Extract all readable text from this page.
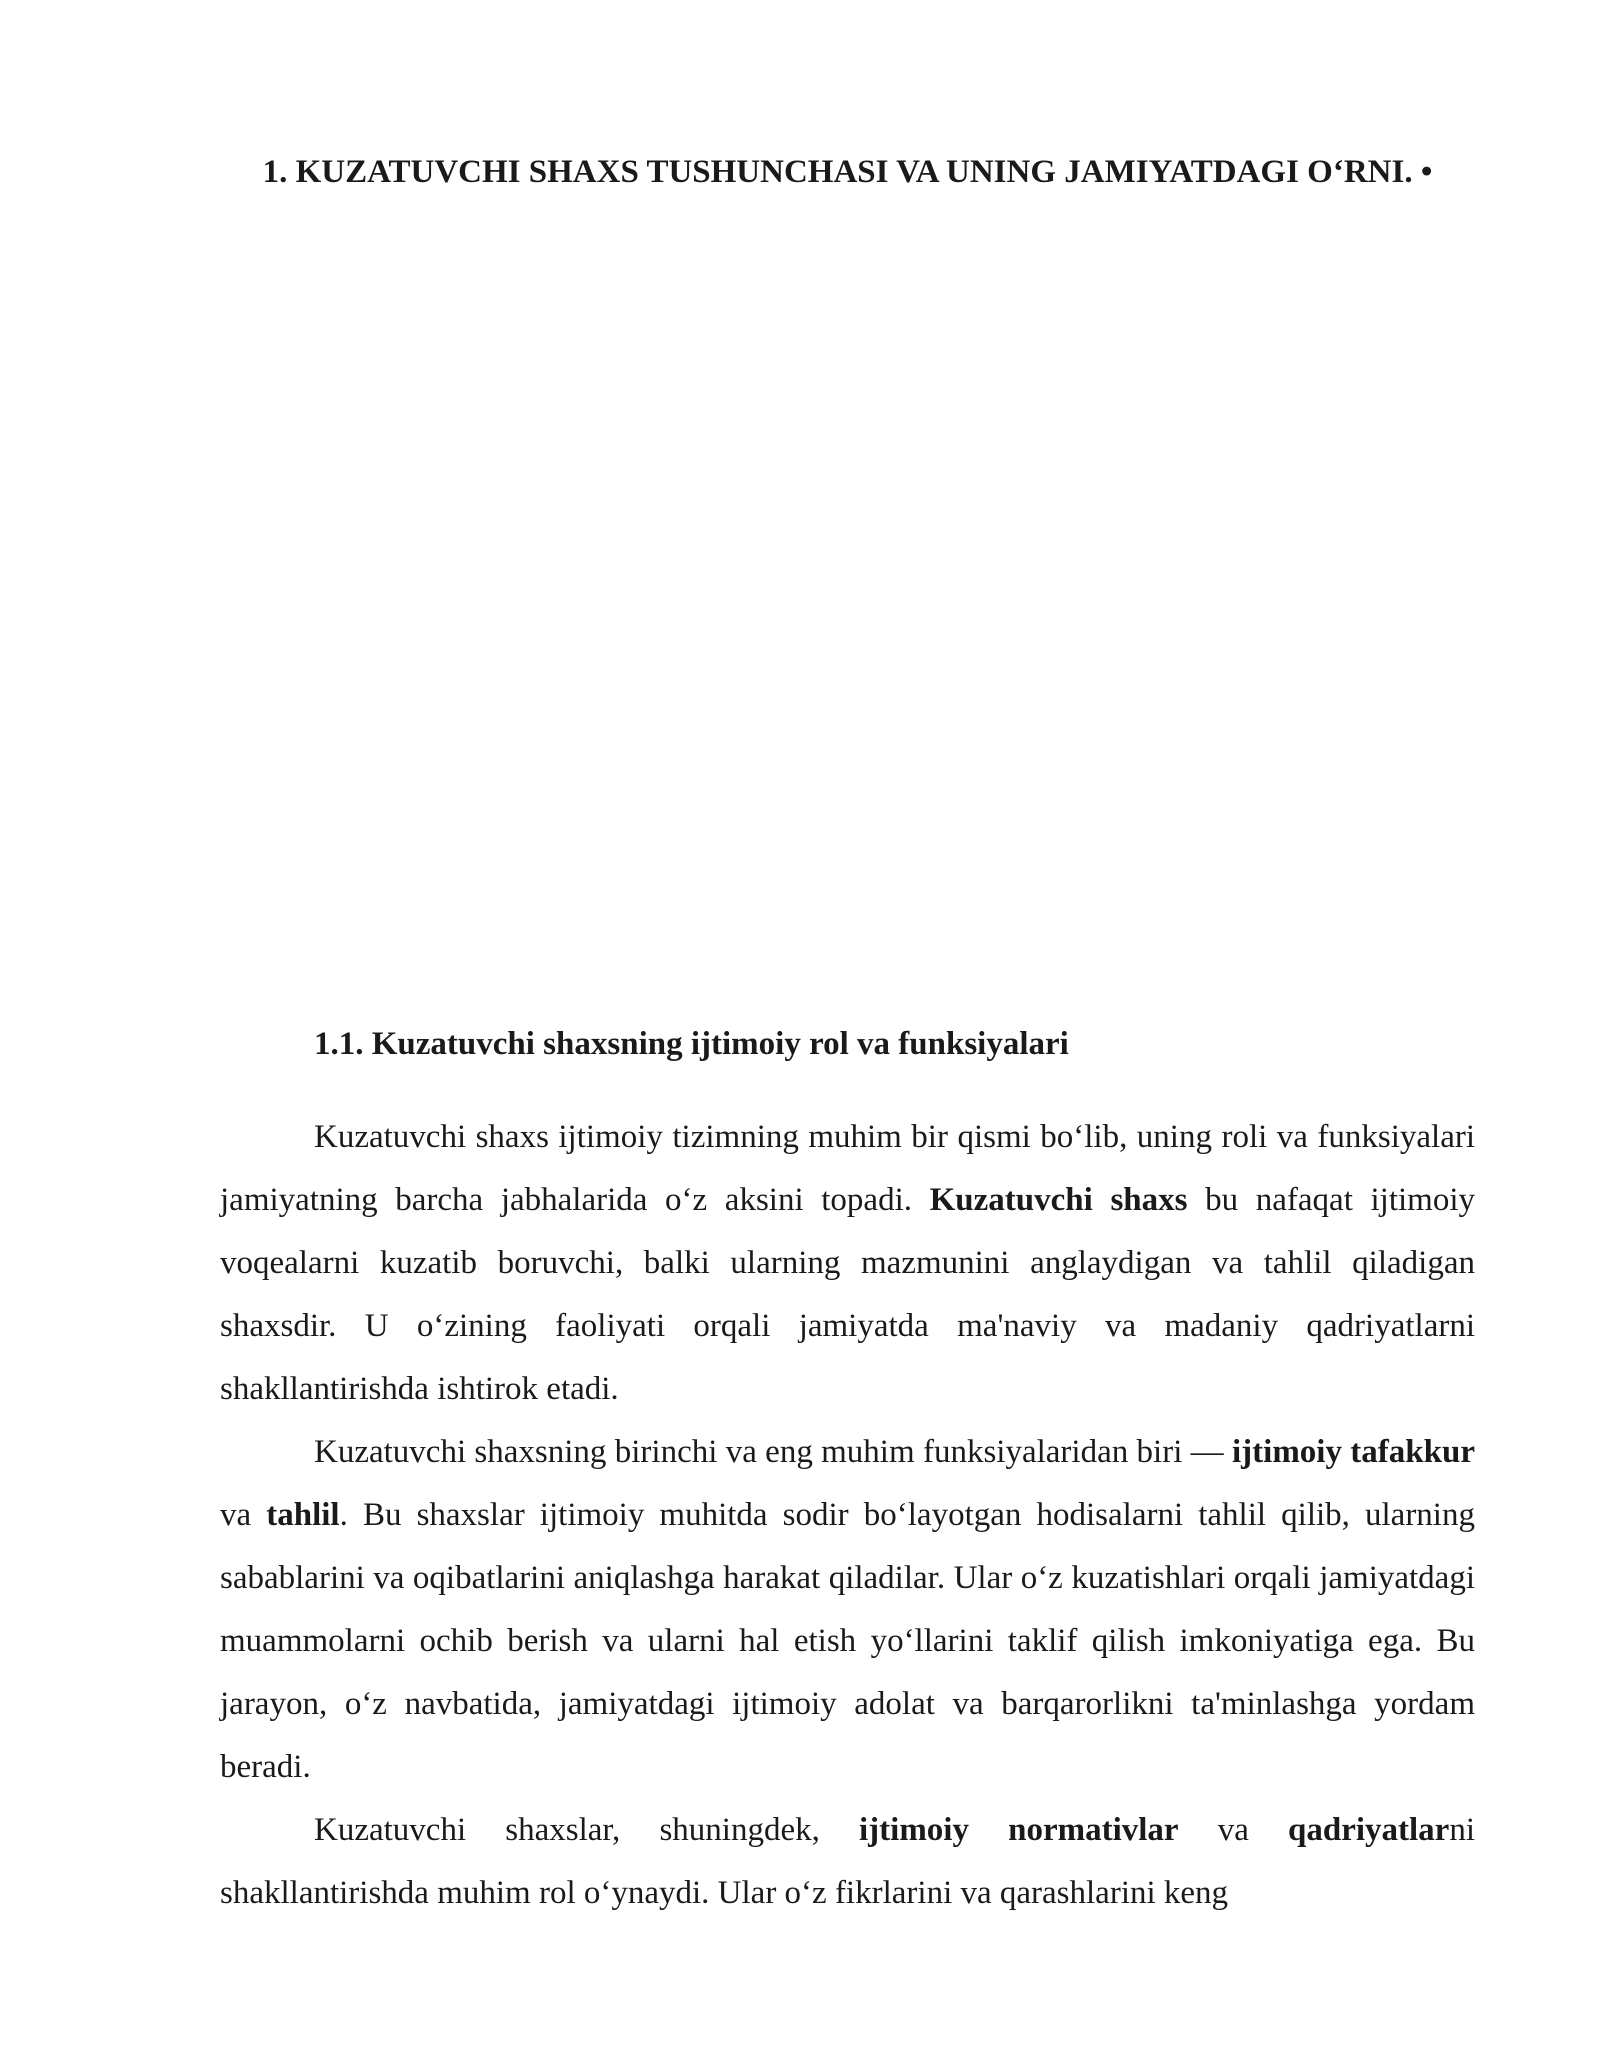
1. KUZATUVCHI SHAXS TUSHUNCHASI VA UNING JAMIYATDAGI O‘RNI. •
1.1. Kuzatuvchi shaxsning ijtimoiy rol va funksiyalari

Kuzatuvchi shaxs ijtimoiy tizimning muhim bir qismi bo‘lib, uning roli va funksiyalari jamiyatning barcha jabhalarida o‘z aksini topadi. Kuzatuvchi shaxs bu nafaqat ijtimoiy voqealarni kuzatib boruvchi, balki ularning mazmunini anglaydigan va tahlil qiladigan shaxsdir. U o‘zining faoliyati orqali jamiyatda ma'naviy va madaniy qadriyatlarni shakllantirishda ishtirok etadi.

Kuzatuvchi shaxsning birinchi va eng muhim funksiyalaridan biri — ijtimoiy tafakkur va tahlil. Bu shaxslar ijtimoiy muhitda sodir bo‘layotgan hodisalarni tahlil qilib, ularning sabablarini va oqibatlarini aniqlashga harakat qiladilar. Ular o‘z kuzatishlari orqali jamiyatdagi muammolarni ochib berish va ularni hal etish yo‘llarini taklif qilish imkoniyatiga ega. Bu jarayon, o‘z navbatida, jamiyatdagi ijtimoiy adolat va barqarorlikni ta'minlashga yordam beradi.

Kuzatuvchi shaxslar, shuningdek, ijtimoiy normativlar va qadriyatlarni shakllantirishda muhim rol o‘ynaydi. Ular o‘z fikrlarini va qarashlarini keng
